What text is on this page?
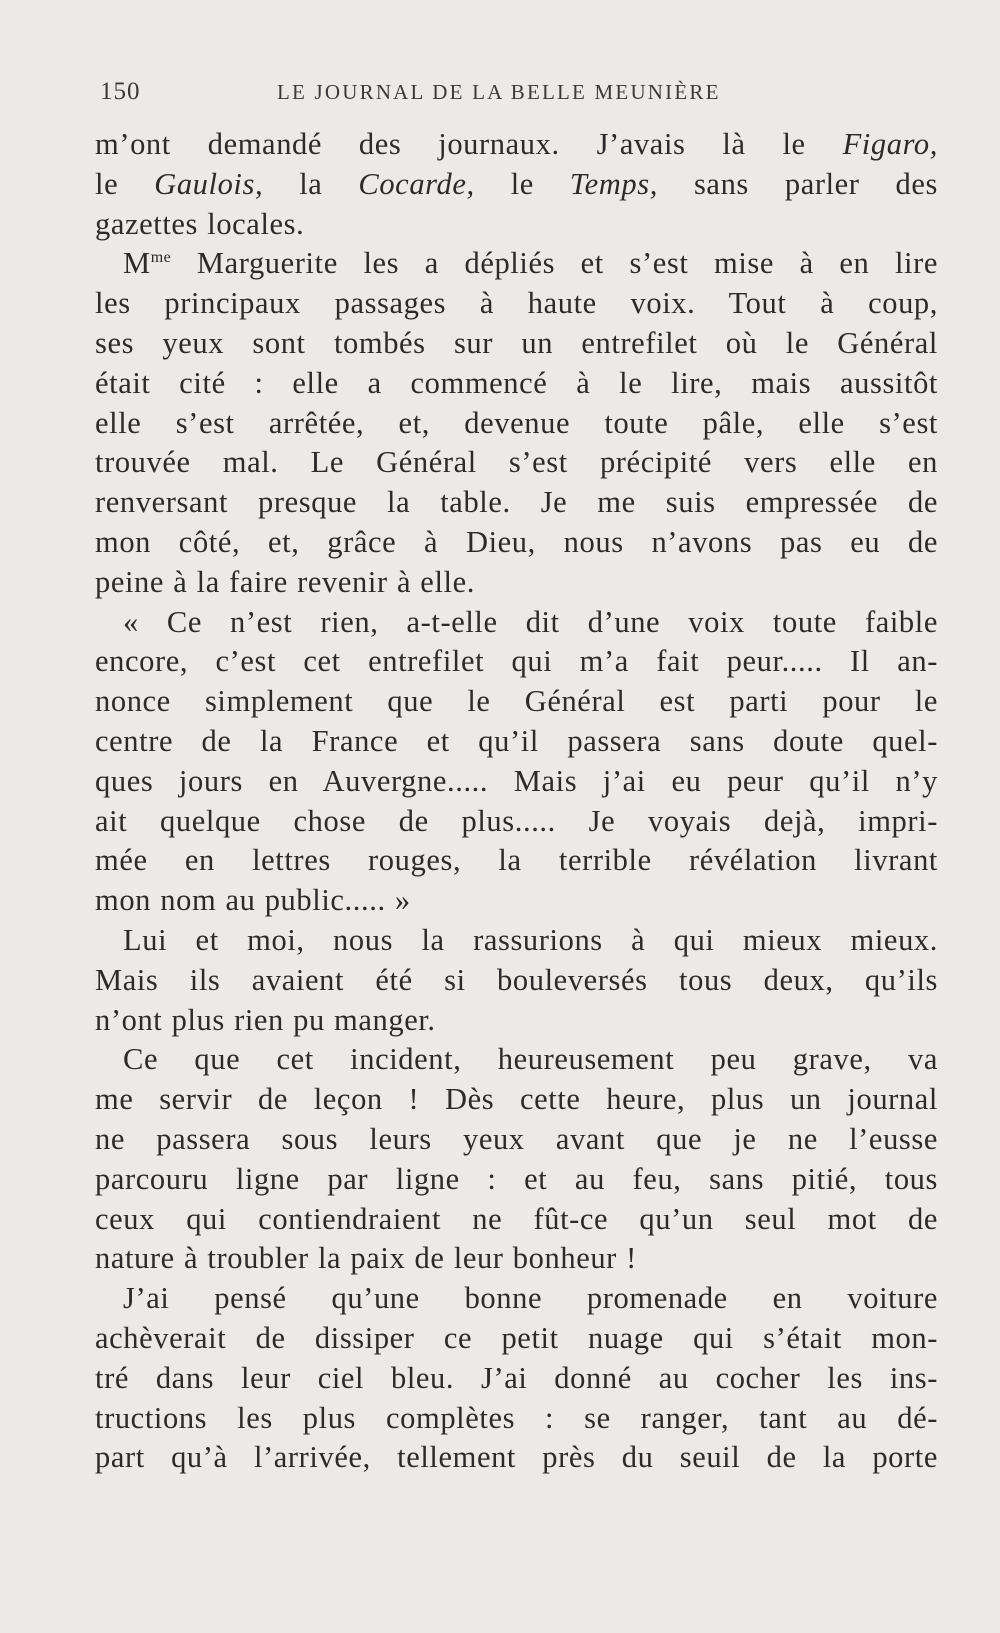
150	LE JOURNAL DE LA BELLE MEUNIÈRE
m’ont demandé des journaux. J’avais là le Figaro,
le Gaulois, la Cocarde, le Temps, sans parler des
gazettes locales.
$M^{me}$ Marguerite les a dépliés et s’est mise à en lire
les principaux passages à haute voix. Tout à coup,
ses yeux sont tombés sur un entrefilet où le Général
était cité : elle a commencé à le lire, mais aussitôt
elle s’est arrêtée, et, devenue toute pâle, elle s’est
trouvée mal. Le Général s’est précipité vers elle en
renversant presque la table. Je me suis empressée de
mon côté, et, grâce à Dieu, nous n’avons pas eu de
peine à la faire revenir à elle.
« Ce n’est rien, a-t-elle dit d’une voix toute faible
encore, c’est cet entrefilet qui m’a fait peur..... Il an-
nonce simplement que le Général est parti pour le
centre de la France et qu’il passera sans doute quel-
ques jours en Auvergne..... Mais j’ai eu peur qu’il n’y
ait quelque chose de plus..... Je voyais dejà, impri-
mée en lettres rouges, la terrible révélation livrant
mon nom au public..... »
Lui et moi, nous la rassurions à qui mieux mieux.
Mais ils avaient été si bouleversés tous deux, qu’ils
n’ont plus rien pu manger.
Ce que cet incident, heureusement peu grave, va
me servir de leçon ! Dès cette heure, plus un journal
ne passera sous leurs yeux avant que je ne l’eusse
parcouru ligne par ligne : et au feu, sans pitié, tous
ceux qui contiendraient ne fût-ce qu’un seul mot de
nature à troubler la paix de leur bonheur !
J’ai pensé qu’une bonne promenade en voiture
achèverait de dissiper ce petit nuage qui s’était mon-
tré dans leur ciel bleu. J’ai donné au cocher les ins-
tructions les plus complètes : se ranger, tant au dé-
part qu’à l’arrivée, tellement près du seuil de la porte
